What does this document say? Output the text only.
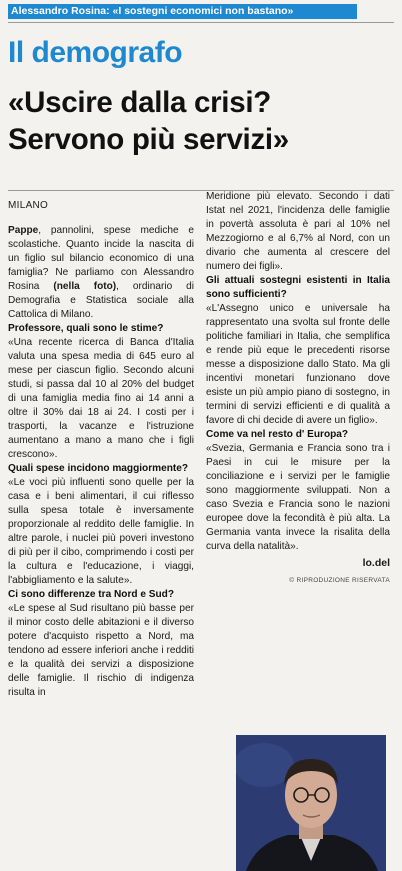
Alessandro Rosina: «I sostegni economici non bastano»
Il demografo
«Uscire dalla crisi?
Servono più servizi»
MILANO

Pappe, pannolini, spese mediche e scolastiche. Quanto incide la nascita di un figlio sul bilancio economico di una famiglia? Ne parliamo con Alessandro Rosina (nella foto), ordinario di Demografia e Statistica sociale alla Cattolica di Milano.

Professore, quali sono le stime?

«Una recente ricerca di Banca d'Italia valuta una spesa media di 645 euro al mese per ciascun figlio. Secondo alcuni studi, si passa dal 10 al 20% del budget di una famiglia media fino ai 14 anni a oltre il 30% dai 18 ai 24. I costi per i trasporti, la vacanze e l'istruzione aumentano a mano a mano che i figli crescono».

Quali spese incidono maggiormente?

«Le voci più influenti sono quelle per la casa e i beni alimentari, il cui riflesso sulla spesa totale è inversamente proporzionale al reddito delle famiglie. In altre parole, i nuclei più poveri investono di più per il cibo, comprimendo i costi per la cultura e l'educazione, i viaggi, l'abbigliamento e la salute».

Ci sono differenze tra Nord e Sud?

«Le spese al Sud risultano più basse per il minor costo delle abitazioni e il diverso potere d'acquisto rispetto a Nord, ma tendono ad essere inferiori anche i redditi e la qualità dei servizi a disposizione delle famiglie. Il rischio di indigenza risulta in

Meridione più elevato. Secondo i dati Istat nel 2021, l'incidenza delle famiglie in povertà assoluta è pari al 10% nel Mezzogiorno e al 6,7% al Nord, con un divario che aumenta al crescere del numero dei figli».

Gli attuali sostegni esistenti in Italia sono sufficienti?

«L'Assegno unico e universale ha rappresentato una svolta sul fronte delle politiche familiari in Italia, che semplifica e rende più eque le precedenti risorse messe a disposizione dallo Stato. Ma gli incentivi monetari funzionano dove esiste un più ampio piano di sostegno, in termini di servizi efficienti e di qualità a favore di chi decide di avere un figlio».

Come va nel resto d' Europa?

«Svezia, Germania e Francia sono tra i Paesi in cui le misure per la conciliazione e i servizi per le famiglie sono maggiormente sviluppati. Non a caso Svezia e Francia sono le nazioni europee dove la fecondità è più alta. La Germania vanta invece la risalita della curva della natalità».

lo.del
© RIPRODUZIONE RISERVATA
